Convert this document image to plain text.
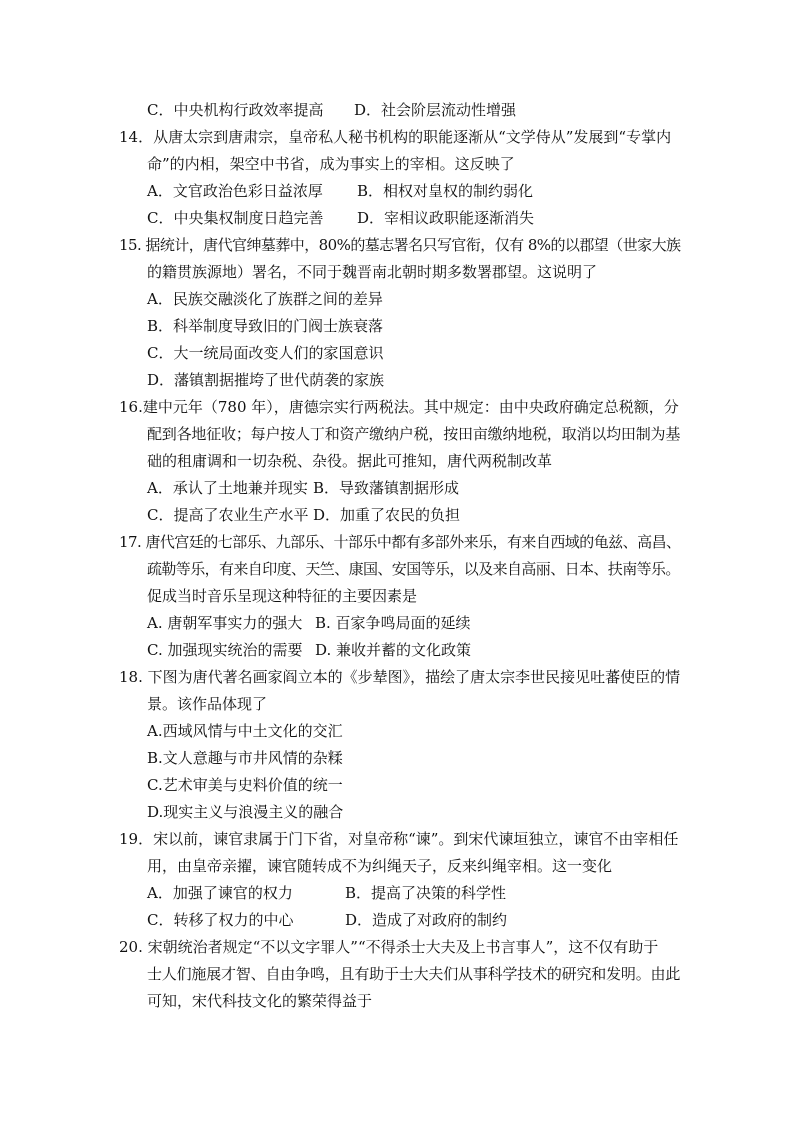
C．中央机构行政效率提高 D．社会阶层流动性增强
14．从唐太宗到唐肃宗，皇帝私人秘书机构的职能逐渐从“文学侍从”发展到“专掌内
命”的内相，架空中书省，成为事实上的宰相。这反映了
A．文官政治色彩日益浓厚 B．相权对皇权的制约弱化
C．中央集权制度日趋完善 D．宰相议政职能逐渐消失
15. 据统计，唐代官绅墓葬中，80%的墓志署名只写官衔，仅有 8%的以郡望（世家大族
的籍贯族源地）署名，不同于魏晋南北朝时期多数署郡望。这说明了
A．民族交融淡化了族群之间的差异
B．科举制度导致旧的门阀士族衰落
C．大一统局面改变人们的家国意识
D．藩镇割据摧垮了世代荫袭的家族
16.建中元年（780 年），唐德宗实行两税法。其中规定：由中央政府确定总税额，分
配到各地征收；每户按人丁和资产缴纳户税，按田亩缴纳地税，取消以均田制为基
础的租庸调和一切杂税、杂役。据此可推知，唐代两税制改革
A．承认了土地兼并现实 B．导致藩镇割据形成
C．提高了农业生产水平 D．加重了农民的负担
17. 唐代宫廷的七部乐、九部乐、十部乐中都有多部外来乐，有来自西域的龟兹、高昌、
疏勒等乐，有来自印度、天竺、康国、安国等乐，以及来自高丽、日本、扶南等乐。
促成当时音乐呈现这种特征的主要因素是
A. 唐朝军事实力的强大 B. 百家争鸣局面的延续
C. 加强现实统治的需要 D. 兼收并蓄的文化政策
18. 下图为唐代著名画家阎立本的《步辇图》，描绘了唐太宗李世民接见吐蕃使臣的情
景。该作品体现了
A.西域风情与中土文化的交汇
B.文人意趣与市井风情的杂糅
C.艺术审美与史料价值的统一
D.现实主义与浪漫主义的融合
19．宋以前，谏官隶属于门下省，对皇帝称“谏”。到宋代谏垣独立，谏官不由宰相任
用，由皇帝亲擢，谏官随转成不为纠绳天子，反来纠绳宰相。这一变化
A．加强了谏官的权力	B．提高了决策的科学性
C．转移了权力的中心	D．造成了对政府的制约
20. 宋朝统治者规定“不以文字罪人”“不得杀士大夫及上书言事人”，这不仅有助于
士人们施展才智、自由争鸣，且有助于士大夫们从事科学技术的研究和发明。由此
可知，宋代科技文化的繁荣得益于
